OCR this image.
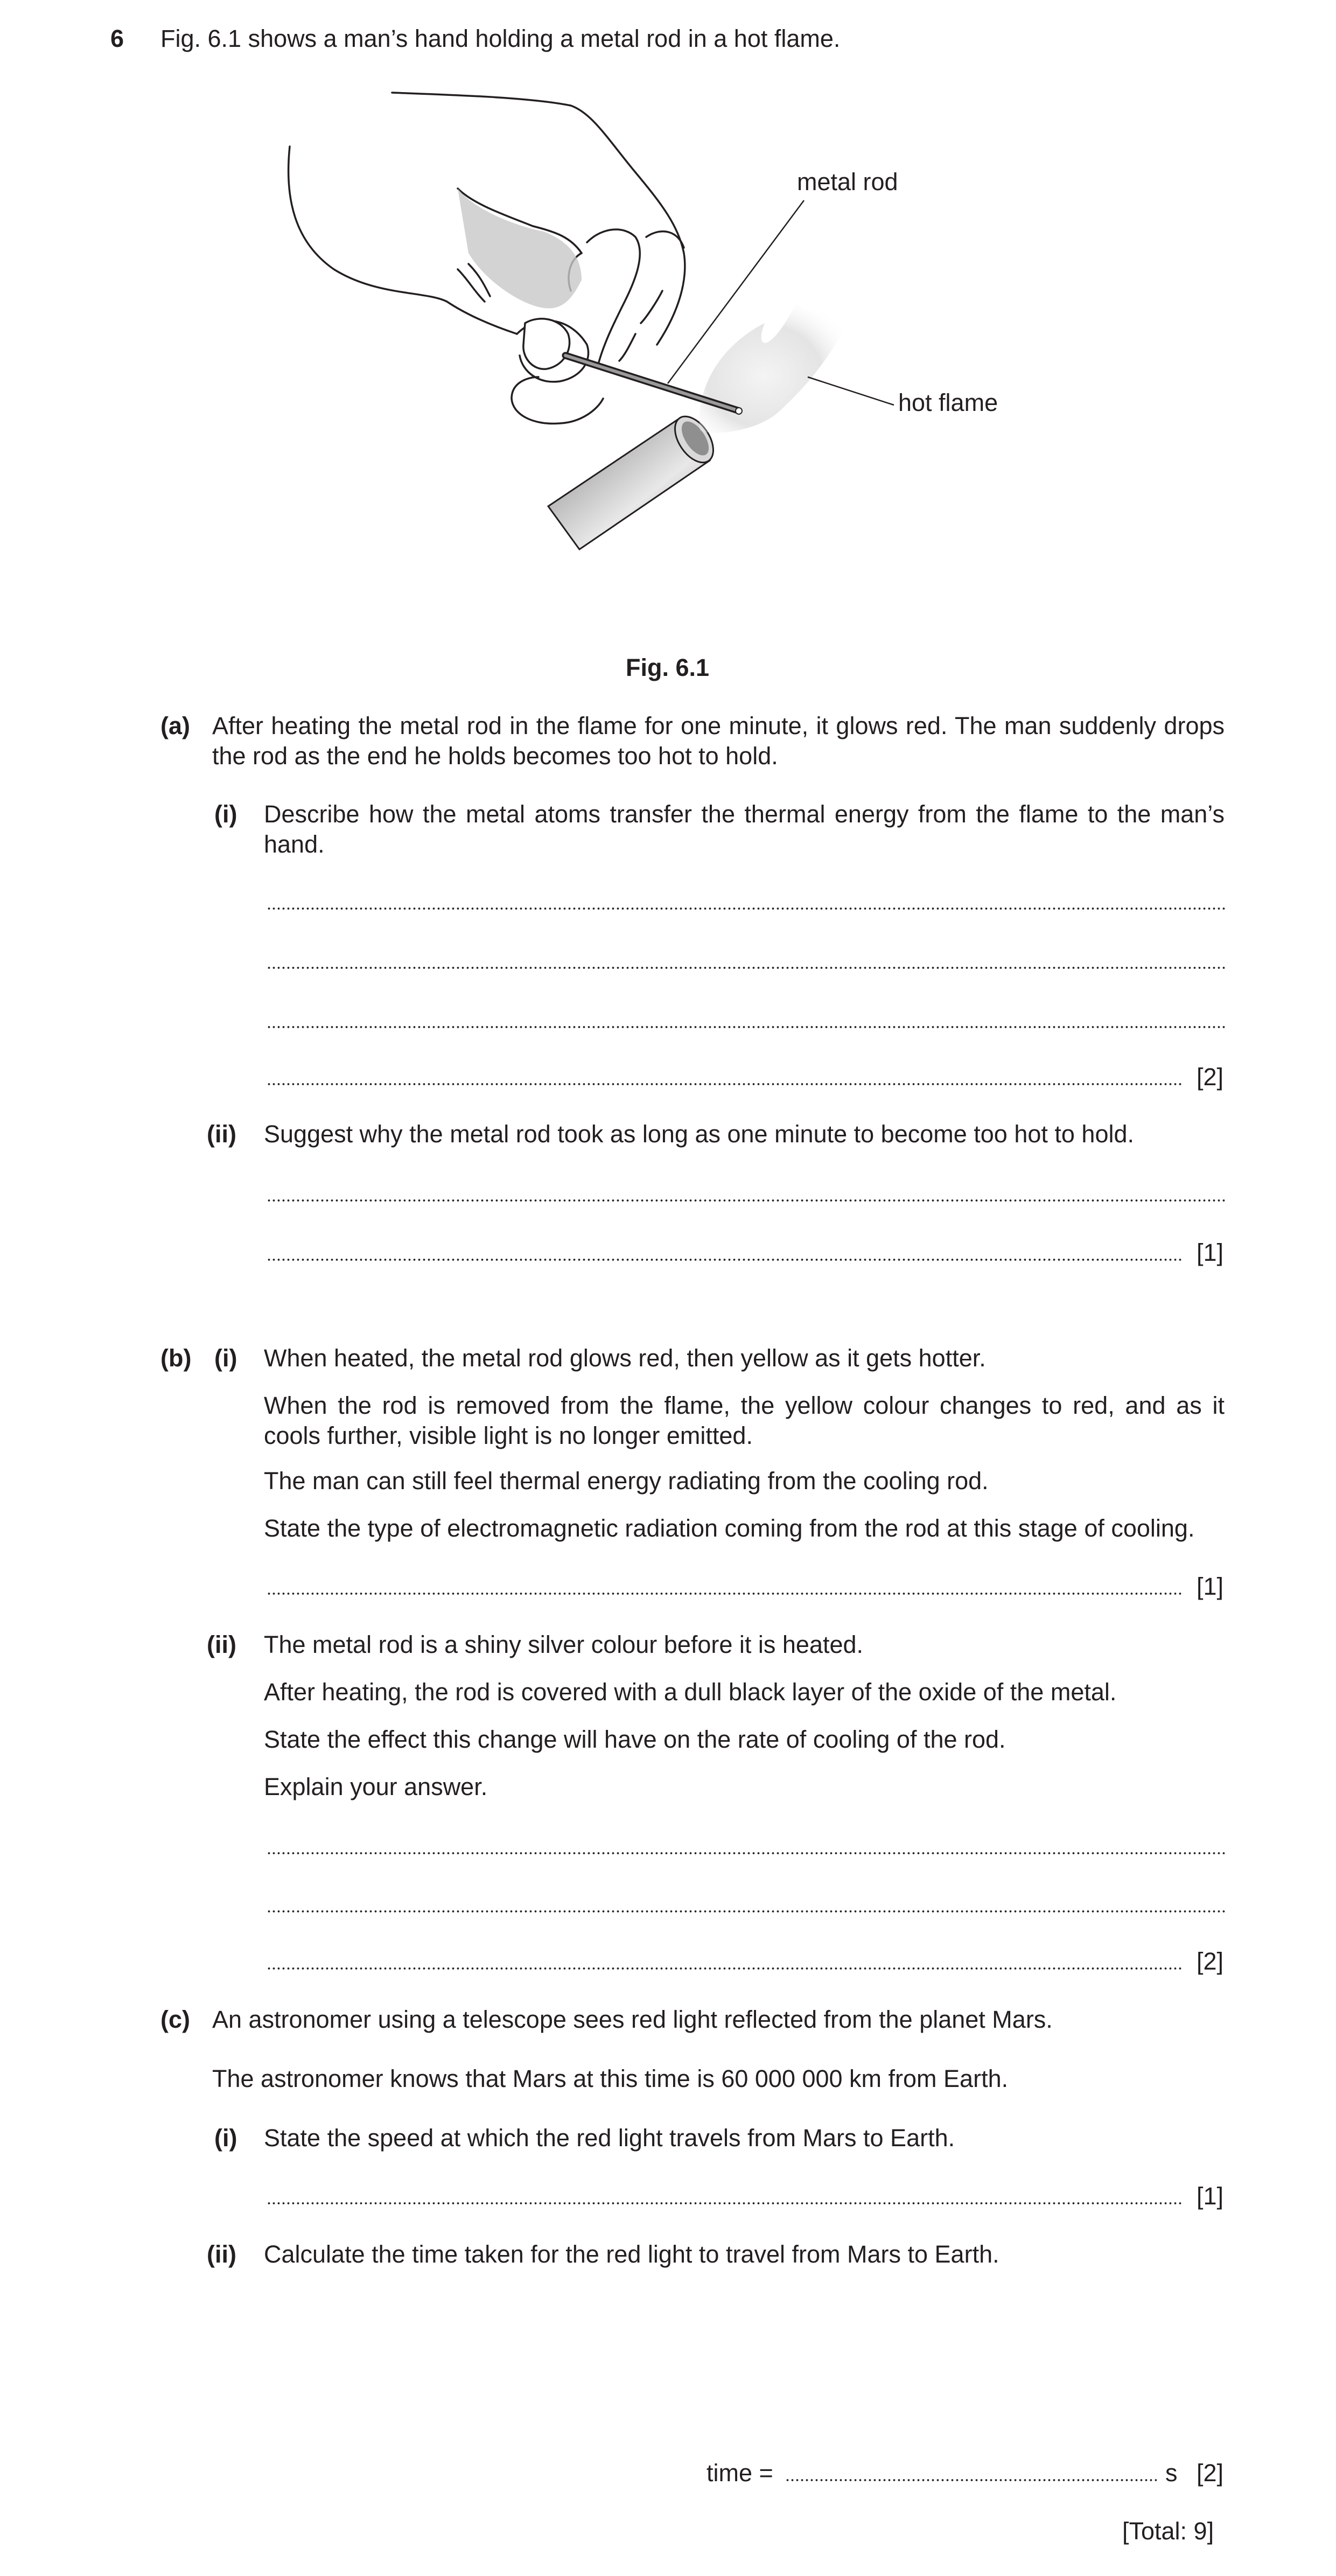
6 Fig. 6.1 shows a man’s hand holding a metal rod in a hot flame.
metal rod
hot flame
Fig. 6.1
(a) After heating the metal rod in the flame for one minute, it glows red. The man suddenly drops the rod as the end he holds becomes too hot to hold.
(i) Describe how the metal atoms transfer the thermal energy from the flame to the man’s hand.
[2]
(ii) Suggest why the metal rod took as long as one minute to become too hot to hold.
[1]
(b) (i) When heated, the metal rod glows red, then yellow as it gets hotter.
When the rod is removed from the flame, the yellow colour changes to red, and as it cools further, visible light is no longer emitted.
The man can still feel thermal energy radiating from the cooling rod.
State the type of electromagnetic radiation coming from the rod at this stage of cooling.
[1]
(ii) The metal rod is a shiny silver colour before it is heated.
After heating, the rod is covered with a dull black layer of the oxide of the metal.
State the effect this change will have on the rate of cooling of the rod.
Explain your answer.
[2]
(c) An astronomer using a telescope sees red light reflected from the planet Mars.
The astronomer knows that Mars at this time is 60 000 000 km from Earth.
(i) State the speed at which the red light travels from Mars to Earth.
[1]
(ii) Calculate the time taken for the red light to travel from Mars to Earth.
time =	s [2]
[Total: 9]
